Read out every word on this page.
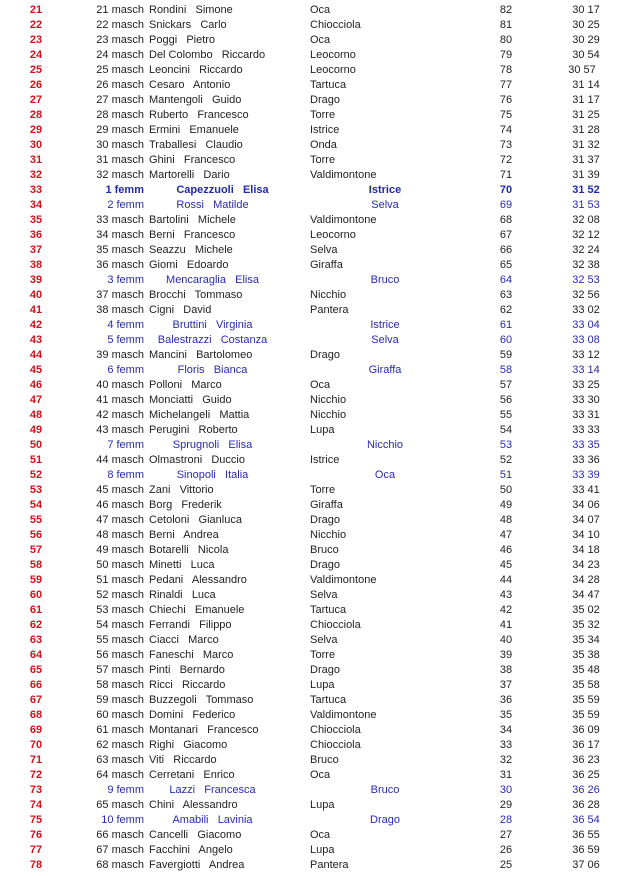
21	21 masch Rondini Simone	Oca	82	30 17
22	22 masch Snickars Carlo	Chiocciola	81	30 25
23	23 masch Poggi Pietro	Oca	80	30 29
24	24 masch Del Colombo Riccardo	Leocorno	79	30 54
25	25 masch Leoncini Riccardo	Leocorno	78	30 57
26	26 masch Cesaro Antonio	Tartuca	77	31 14
27	27 masch Mantengoli Guido	Drago	76	31 17
28	28 masch Ruberto Francesco	Torre	75	31 25
29	29 masch Ermini Emanuele	Istrice	74	31 28
30	30 masch Traballesi Claudio	Onda	73	31 32
31	31 masch Ghini Francesco	Torre	72	31 37
32	32 masch Martorelli Dario	Valdimontone	71	31 39
33	1 femm	Capezzuoli Elisa	Istrice	70	31 52
34	2 femm	Rossi Matilde	Selva	69	31 53
35	33 masch Bartolini Michele	Valdimontone	68	32 08
36	34 masch Berni Francesco	Leocorno	67	32 12
37	35 masch Seazzu Michele	Selva	66	32 24
38	36 masch Giomi Edoardo	Giraffa	65	32 38
39	3 femm	Mencaraglia Elisa	Bruco	64	32 53
40	37 masch Brocchi Tommaso	Nicchio	63	32 56
41	38 masch Cigni David	Pantera	62	33 02
42	4 femm	Bruttini Virginia	Istrice	61	33 04
43	5 femm	Balestrazzi Costanza	Selva	60	33 08
44	39 masch Mancini Bartolomeo	Drago	59	33 12
45	6 femm	Floris Bianca	Giraffa	58	33 14
46	40 masch Polloni Marco	Oca	57	33 25
47	41 masch Monciatti Guido	Nicchio	56	33 30
48	42 masch Michelangeli Mattia	Nicchio	55	33 31
49	43 masch Perugini Roberto	Lupa	54	33 33
50	7 femm	Sprugnoli Elisa	Nicchio	53	33 35
51	44 masch Olmastroni Duccio	Istrice	52	33 36
52	8 femm	Sinopoli Italia	Oca	51	33 39
53	45 masch Zani Vittorio	Torre	50	33 41
54	46 masch Borg Frederik	Giraffa	49	34 06
55	47 masch Cetoloni Gianluca	Drago	48	34 07
56	48 masch Berni Andrea	Nicchio	47	34 10
57	49 masch Botarelli Nicola	Bruco	46	34 18
58	50 masch Minetti Luca	Drago	45	34 23
59	51 masch Pedani Alessandro	Valdimontone	44	34 28
60	52 masch Rinaldi Luca	Selva	43	34 47
61	53 masch Chiechi Emanuele	Tartuca	42	35 02
62	54 masch Ferrandi Filippo	Chiocciola	41	35 32
63	55 masch Ciacci Marco	Selva	40	35 34
64	56 masch Faneschi Marco	Torre	39	35 38
65	57 masch Pinti Bernardo	Drago	38	35 48
66	58 masch Ricci Riccardo	Lupa	37	35 58
67	59 masch Buzzegoli Tommaso	Tartuca	36	35 59
68	60 masch Domini Federico	Valdimontone	35	35 59
69	61 masch Montanari Francesco	Chiocciola	34	36 09
70	62 masch Righi Giacomo	Chiocciola	33	36 17
71	63 masch Viti Riccardo	Bruco	32	36 23
72	64 masch Cerretani Enrico	Oca	31	36 25
73	9 femm	Lazzi Francesca	Bruco	30	36 26
74	65 masch Chini Alessandro	Lupa	29	36 28
75	10 femm	Amabili Lavinia	Drago	28	36 54
76	66 masch Cancelli Giacomo	Oca	27	36 55
77	67 masch Facchini Angelo	Lupa	26	36 59
78	68 masch Favergiotti Andrea	Pantera	25	37 06
